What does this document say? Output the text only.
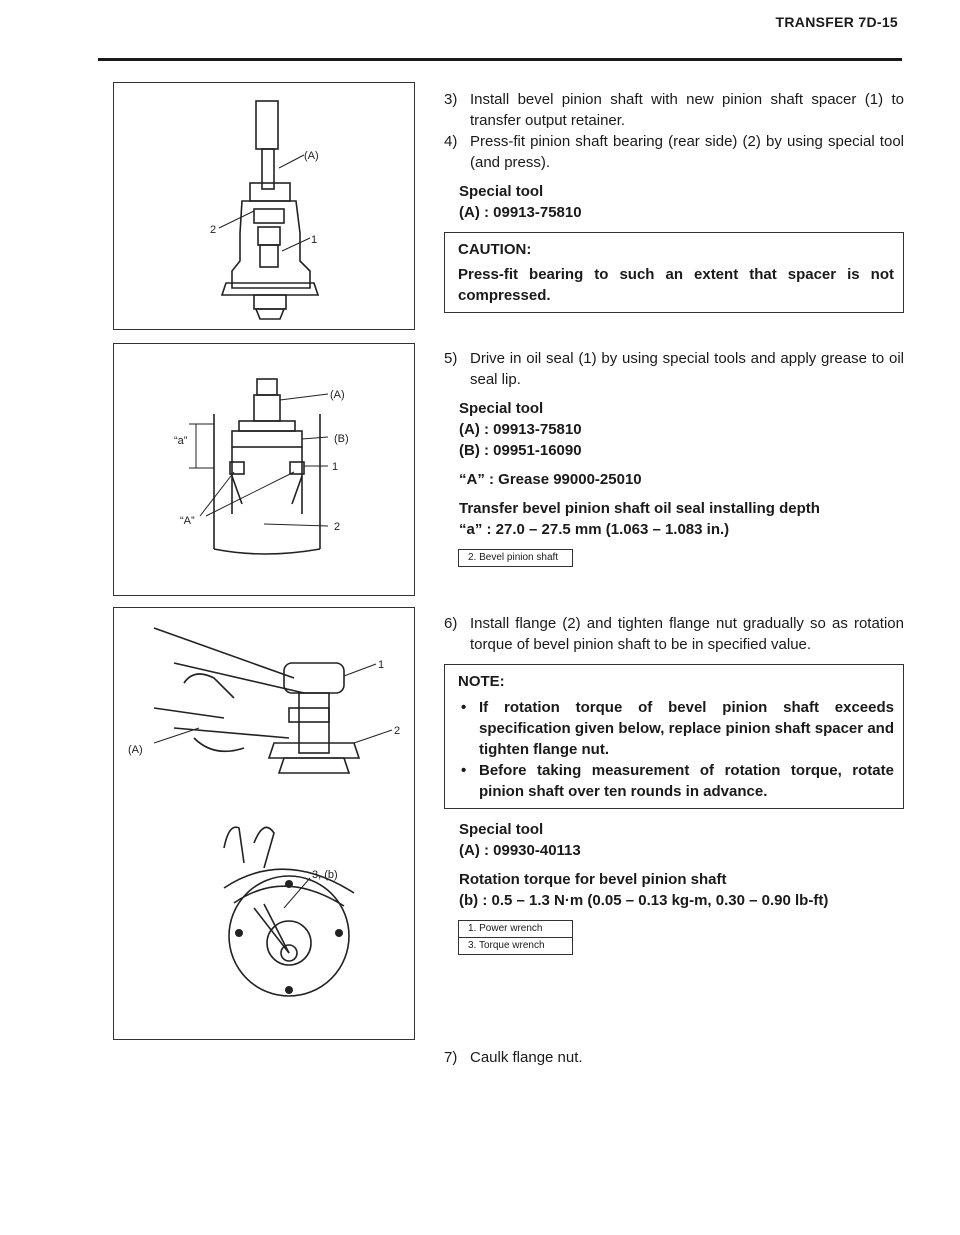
TRANSFER 7D-15
(A)
2
1
“a”
“A”
(A)
(B)
1
2
1
2
(A)
3, (b)

3) Install bevel pinion shaft with new pinion shaft spacer (1) to transfer output retainer.

4) Press-fit pinion shaft bearing (rear side) (2) by using special tool (and press).

Special tool
(A) : 09913-75810

CAUTION:

Press-fit bearing to such an extent that spacer is not compressed.

5) Drive in oil seal (1) by using special tools and apply grease to oil seal lip.

Special tool
(A) : 09913-75810
(B) : 09951-16090
“A” : Grease 99000-25010
Transfer bevel pinion shaft oil seal installing depth
“a” : 27.0 – 27.5 mm (1.063 – 1.083 in.)
2. Bevel pinion shaft

6) Install flange (2) and tighten flange nut gradually so as rotation torque of bevel pinion shaft to be in specified value.

NOTE:

• If rotation torque of bevel pinion shaft exceeds specification given below, replace pinion shaft spacer and tighten flange nut.
• Before taking measurement of rotation torque, rotate pinion shaft over ten rounds in advance.
Special tool
(A) : 09930-40113
Rotation torque for bevel pinion shaft
(b) : 0.5 – 1.3 N·m (0.05 – 0.13 kg-m, 0.30 – 0.90 lb-ft)
1. Power wrench
3. Torque wrench

7) Caulk flange nut.
